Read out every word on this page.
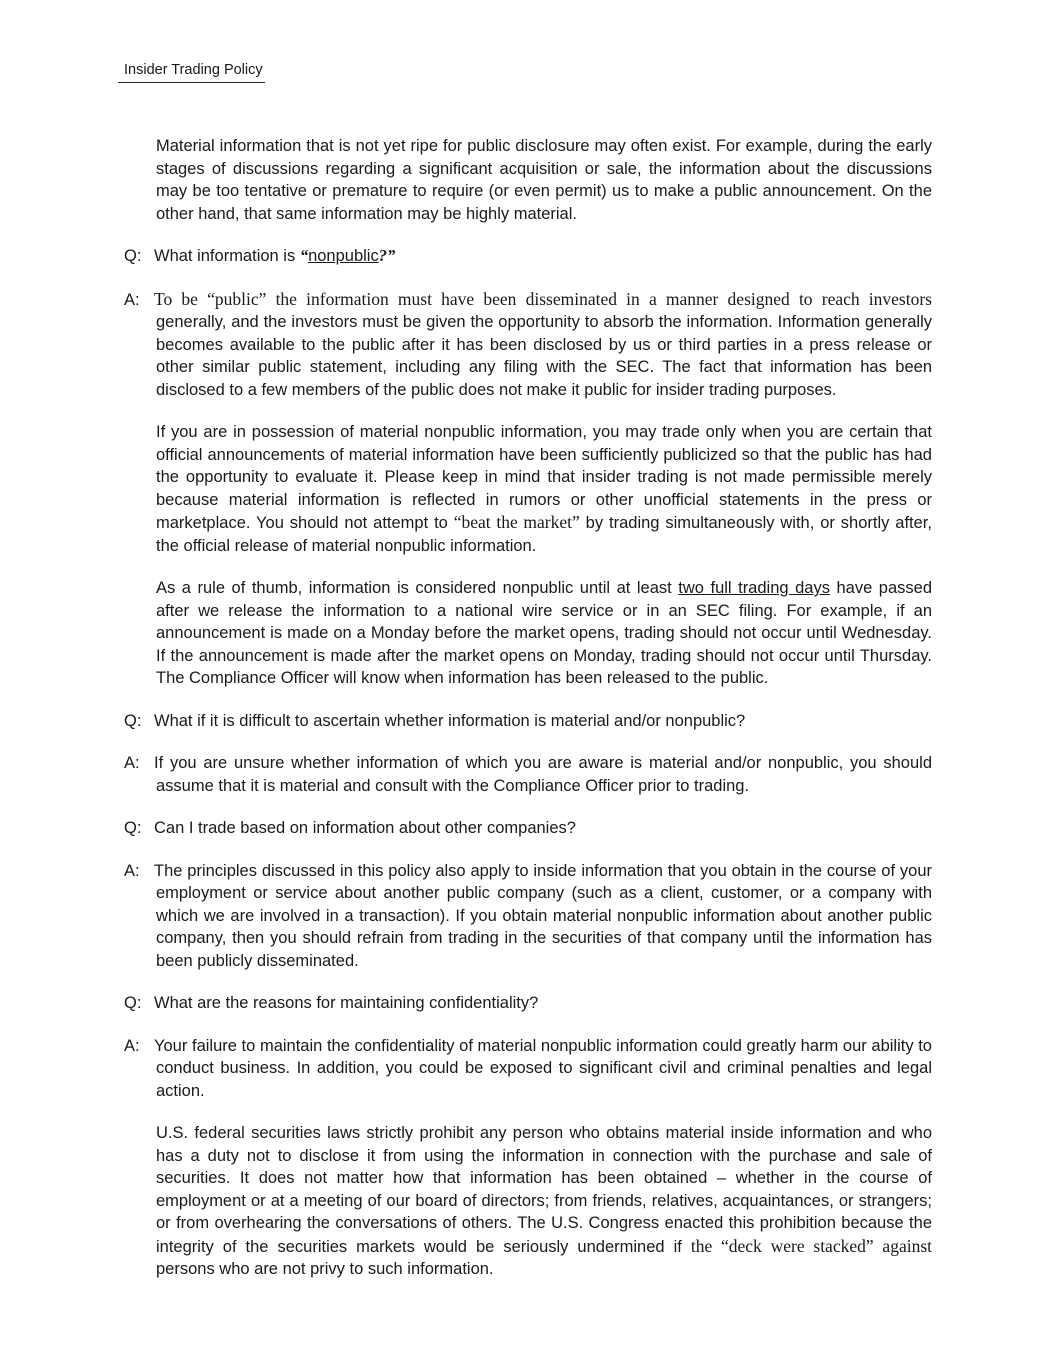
Insider Trading Policy

Material information that is not yet ripe for public disclosure may often exist. For example, during the early stages of discussions regarding a significant acquisition or sale, the information about the discussions may be too tentative or premature to require (or even permit) us to make a public announcement. On the other hand, that same information may be highly material.

Q: What information is “nonpublic?”

A: To be “public” the information must have been disseminated in a manner designed to reach investors generally, and the investors must be given the opportunity to absorb the information. Information generally becomes available to the public after it has been disclosed by us or third parties in a press release or other similar public statement, including any filing with the SEC. The fact that information has been disclosed to a few members of the public does not make it public for insider trading purposes.

If you are in possession of material nonpublic information, you may trade only when you are certain that official announcements of material information have been sufficiently publicized so that the public has had the opportunity to evaluate it. Please keep in mind that insider trading is not made permissible merely because material information is reflected in rumors or other unofficial statements in the press or marketplace. You should not attempt to “beat the market” by trading simultaneously with, or shortly after, the official release of material nonpublic information.

As a rule of thumb, information is considered nonpublic until at least two full trading days have passed after we release the information to a national wire service or in an SEC filing. For example, if an announcement is made on a Monday before the market opens, trading should not occur until Wednesday. If the announcement is made after the market opens on Monday, trading should not occur until Thursday. The Compliance Officer will know when information has been released to the public.

Q: What if it is difficult to ascertain whether information is material and/or nonpublic?

A: If you are unsure whether information of which you are aware is material and/or nonpublic, you should assume that it is material and consult with the Compliance Officer prior to trading.

Q: Can I trade based on information about other companies?

A: The principles discussed in this policy also apply to inside information that you obtain in the course of your employment or service about another public company (such as a client, customer, or a company with which we are involved in a transaction). If you obtain material nonpublic information about another public company, then you should refrain from trading in the securities of that company until the information has been publicly disseminated.

Q: What are the reasons for maintaining confidentiality?

A: Your failure to maintain the confidentiality of material nonpublic information could greatly harm our ability to conduct business. In addition, you could be exposed to significant civil and criminal penalties and legal action.

U.S. federal securities laws strictly prohibit any person who obtains material inside information and who has a duty not to disclose it from using the information in connection with the purchase and sale of securities. It does not matter how that information has been obtained – whether in the course of employment or at a meeting of our board of directors; from friends, relatives, acquaintances, or strangers; or from overhearing the conversations of others. The U.S. Congress enacted this prohibition because the integrity of the securities markets would be seriously undermined if the “deck were stacked” against persons who are not privy to such information.
